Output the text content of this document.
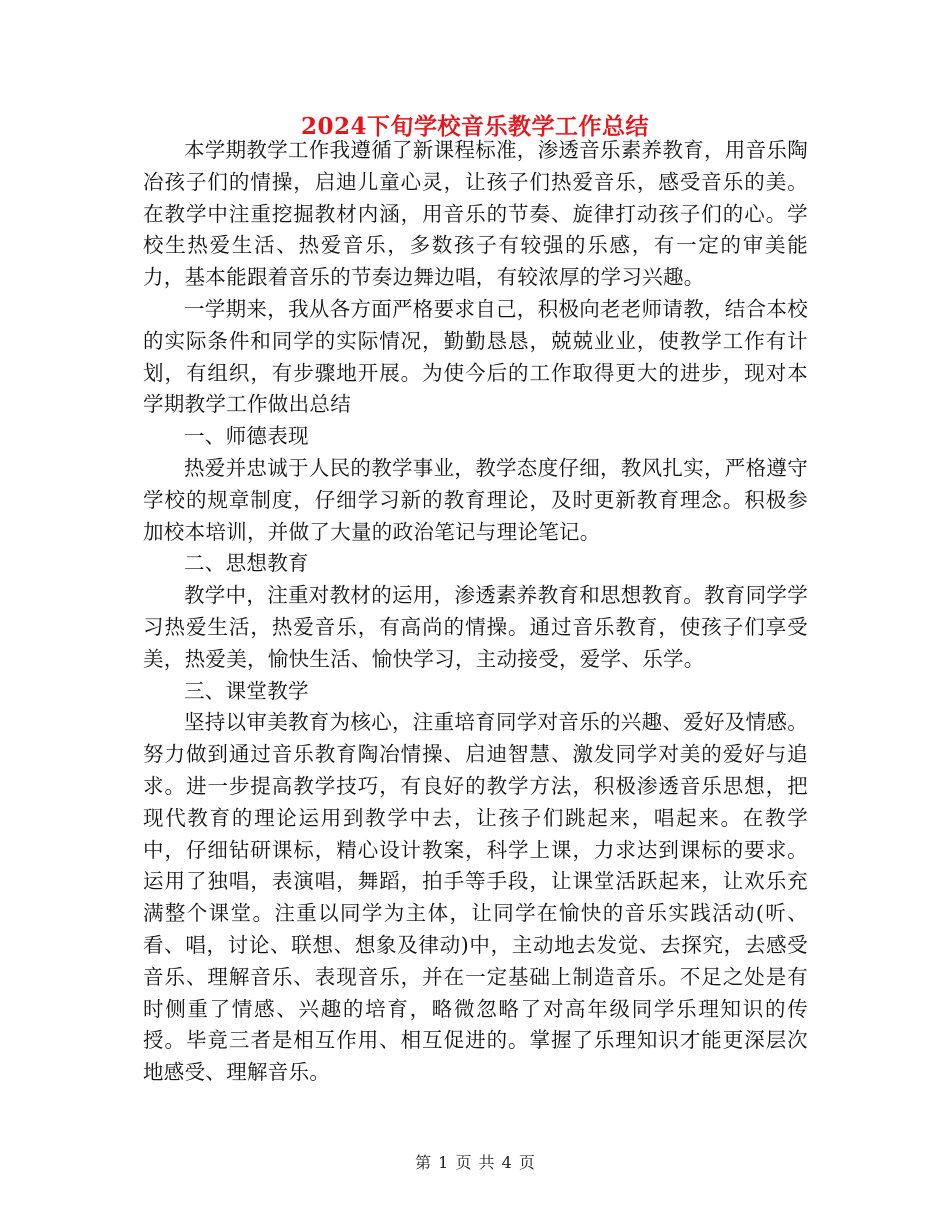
2024下旬学校音乐教学工作总结

本学期教学工作我遵循了新课程标准，渗透音乐素养教育，用音乐陶冶孩子们的情操，启迪儿童心灵，让孩子们热爱音乐，感受音乐的美。在教学中注重挖掘教材内涵，用音乐的节奏、旋律打动孩子们的心。学校生热爱生活、热爱音乐，多数孩子有较强的乐感，有一定的审美能力，基本能跟着音乐的节奏边舞边唱，有较浓厚的学习兴趣。

一学期来，我从各方面严格要求自己，积极向老老师请教，结合本校的实际条件和同学的实际情况，勤勤恳恳，兢兢业业，使教学工作有计划，有组织，有步骤地开展。为使今后的工作取得更大的进步，现对本学期教学工作做出总结

一、师德表现

热爱并忠诚于人民的教学事业，教学态度仔细，教风扎实，严格遵守学校的规章制度，仔细学习新的教育理论，及时更新教育理念。积极参加校本培训，并做了大量的政治笔记与理论笔记。

二、思想教育

教学中，注重对教材的运用，渗透素养教育和思想教育。教育同学学习热爱生活，热爱音乐，有高尚的情操。通过音乐教育，使孩子们享受美，热爱美，愉快生活、愉快学习，主动接受，爱学、乐学。

三、课堂教学

坚持以审美教育为核心，注重培育同学对音乐的兴趣、爱好及情感。努力做到通过音乐教育陶冶情操、启迪智慧、激发同学对美的爱好与追求。进一步提高教学技巧，有良好的教学方法，积极渗透音乐思想，把现代教育的理论运用到教学中去，让孩子们跳起来，唱起来。在教学中，仔细钻研课标，精心设计教案，科学上课，力求达到课标的要求。运用了独唱，表演唱，舞蹈，拍手等手段，让课堂活跃起来，让欢乐充满整个课堂。注重以同学为主体，让同学在愉快的音乐实践活动(听、看、唱，讨论、联想、想象及律动)中，主动地去发觉、去探究，去感受音乐、理解音乐、表现音乐，并在一定基础上制造音乐。不足之处是有时侧重了情感、兴趣的培育，略微忽略了对高年级同学乐理知识的传授。毕竟三者是相互作用、相互促进的。掌握了乐理知识才能更深层次地感受、理解音乐。

第 1 页 共 4 页
